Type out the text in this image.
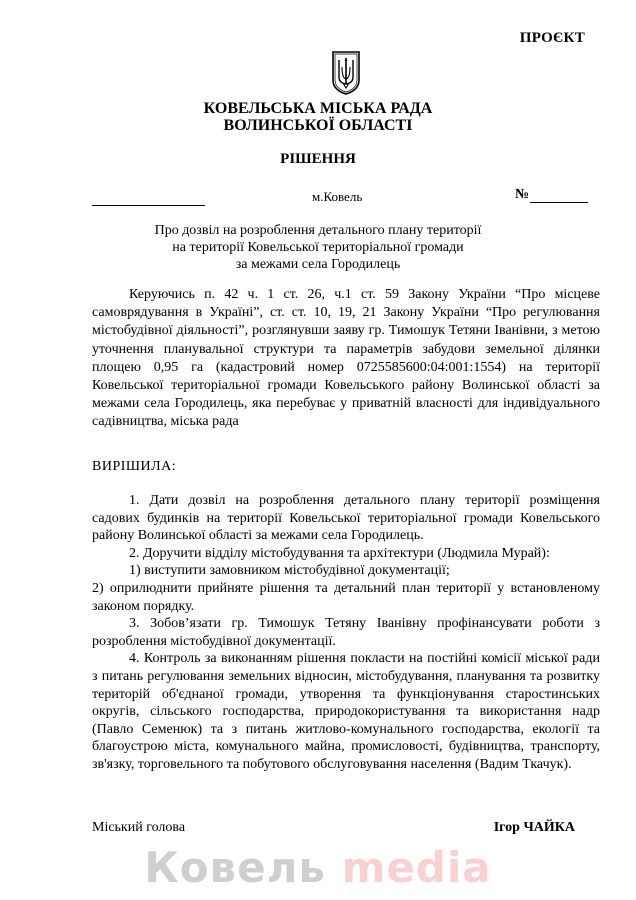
ПРОЄКТ
КОВЕЛЬСЬКА МІСЬКА РАДА
ВОЛИНСЬКОЇ ОБЛАСТІ
РІШЕННЯ
м.Ковель	№
Про дозвіл на розроблення детального плану території
на території Ковельської територіальної громади
за межами села Городилець
Керуючись п. 42 ч. 1 ст. 26, ч.1 ст. 59 Закону України “Про місцеве самоврядування в Україні”, ст. ст. 10, 19, 21 Закону України “Про регулювання містобудівної діяльності”, розглянувши заяву гр. Тимошук Тетяни Іванівни, з метою уточнення планувальної структури та параметрів забудови земельної ділянки площею 0,95 га (кадастровий номер 0725585600:04:001:1554) на території Ковельської територіальної громади Ковельського району Волинської області за межами села Городилець, яка перебуває у приватній власності для індивідуального садівництва, міська рада
ВИРІШИЛА:

1. Дати дозвіл на розроблення детального плану території розміщення садових будинків на території Ковельської територіальної громади Ковельського району Волинської області за межами села Городилець.

2. Доручити відділу містобудування та архітектури (Людмила Мурай):

1) виступити замовником містобудівної документації;

2) оприлюднити прийняте рішення та детальний план території у встановленому законом порядку.

3. Зобов’язати гр. Тимошук Тетяну Іванівну профінансувати роботи з розроблення містобудівної документації.

4. Контроль за виконанням рішення покласти на постійні комісії міської ради з питань регулювання земельних відносин, містобудування, планування та розвитку територій об'єднаної громади, утворення та функціонування старостинських округів, сільського господарства, природокористування та використання надр (Павло Семенюк) та з питань житлово-комунального господарства, екології та благоустрою міста, комунального майна, промисловості, будівництва, транспорту, зв'язку, торговельного та побутового обслуговування населення (Вадим Ткачук).

Міський голова	Ігор ЧАЙКА
Ковель media
